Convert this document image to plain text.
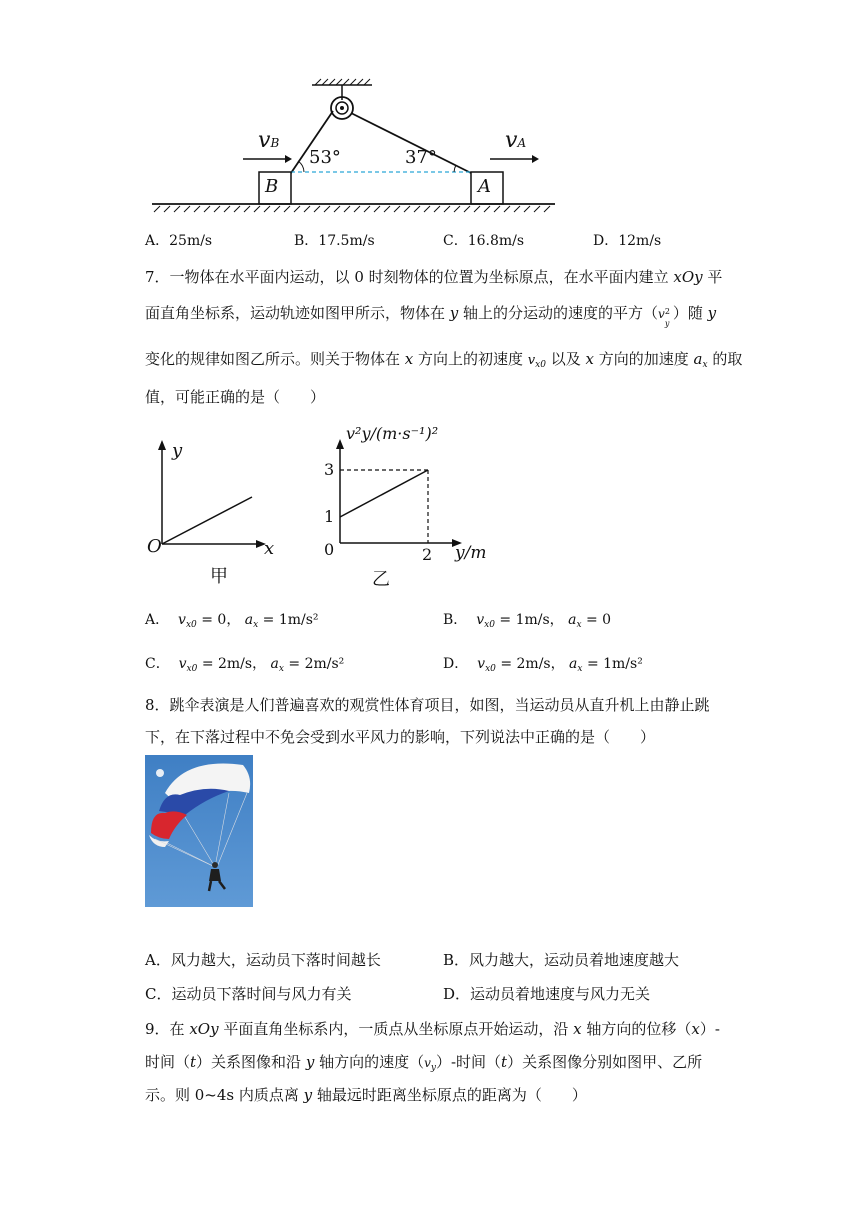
vB	vA
53°	37°
B	A
A．25m/s	B．17.5m/s	C．16.8m/s	D．12m/s
7．一物体在水平面内运动，以 0 时刻物体的位置为坐标原点，在水平面内建立 xOy 平
面直角坐标系，运动轨迹如图甲所示，物体在 y 轴上的分运动的速度的平方（v 2
y
）随 y
变化的规律如图乙所示。则关于物体在 x 方向上的初速度 $v_{x0}$ 以及 x 方向的加速度 $a_x$ 的取
值，可能正确的是（　　）
y
O	x
甲
v²y/(m·s⁻¹)²
3
1
0	2 y/m
乙
A． $v_{x0} = 0$， $a_x = 1m/s^2$	B． $v_{x0} = 1m/s$， $a_x = 0$
C． $v_{x0} = 2m/s$， $a_x = 2m/s^2$	D． $v_{x0} = 2m/s$， $a_x = 1m/s^2$
8．跳伞表演是人们普遍喜欢的观赏性体育项目，如图，当运动员从直升机上由静止跳
下，在下落过程中不免会受到水平风力的影响，下列说法中正确的是（　　）
A．风力越大，运动员下落时间越长	B．风力越大，运动员着地速度越大
C．运动员下落时间与风力有关	D．运动员着地速度与风力无关
9．在 xOy 平面直角坐标系内，一质点从坐标原点开始运动，沿 x 轴方向的位移（x）-
时间（t）关系图像和沿 y 轴方向的速度$(v_y)-$时间（t）关系图像分别如图甲、乙所
示。则 0~4s 内质点离 y 轴最远时距离坐标原点的距离为（　　）
